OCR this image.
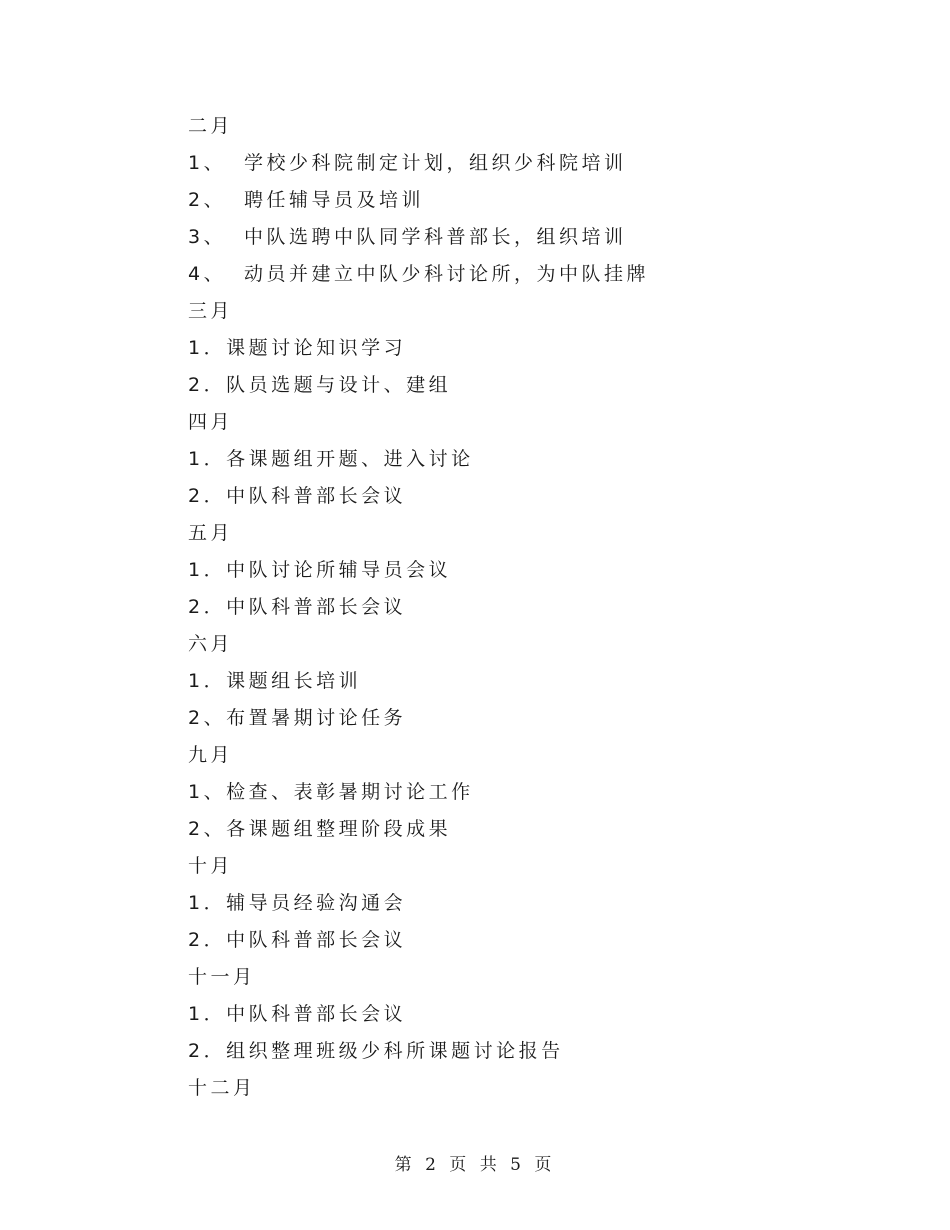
二月
1、 学校少科院制定计划，组织少科院培训
2、 聘任辅导员及培训
3、 中队选聘中队同学科普部长，组织培训
4、 动员并建立中队少科讨论所，为中队挂牌
三月
1． 课题讨论知识学习
2． 队员选题与设计、建组
四月
1． 各课题组开题、进入讨论
2． 中队科普部长会议
五月
1． 中队讨论所辅导员会议
2． 中队科普部长会议
六月
1． 课题组长培训
2、 布置暑期讨论任务
九月
1、 检查、表彰暑期讨论工作
2、 各课题组整理阶段成果
十月
1． 辅导员经验沟通会
2． 中队科普部长会议
十一月
1． 中队科普部长会议
2． 组织整理班级少科所课题讨论报告
十二月
第 2 页 共 5 页
